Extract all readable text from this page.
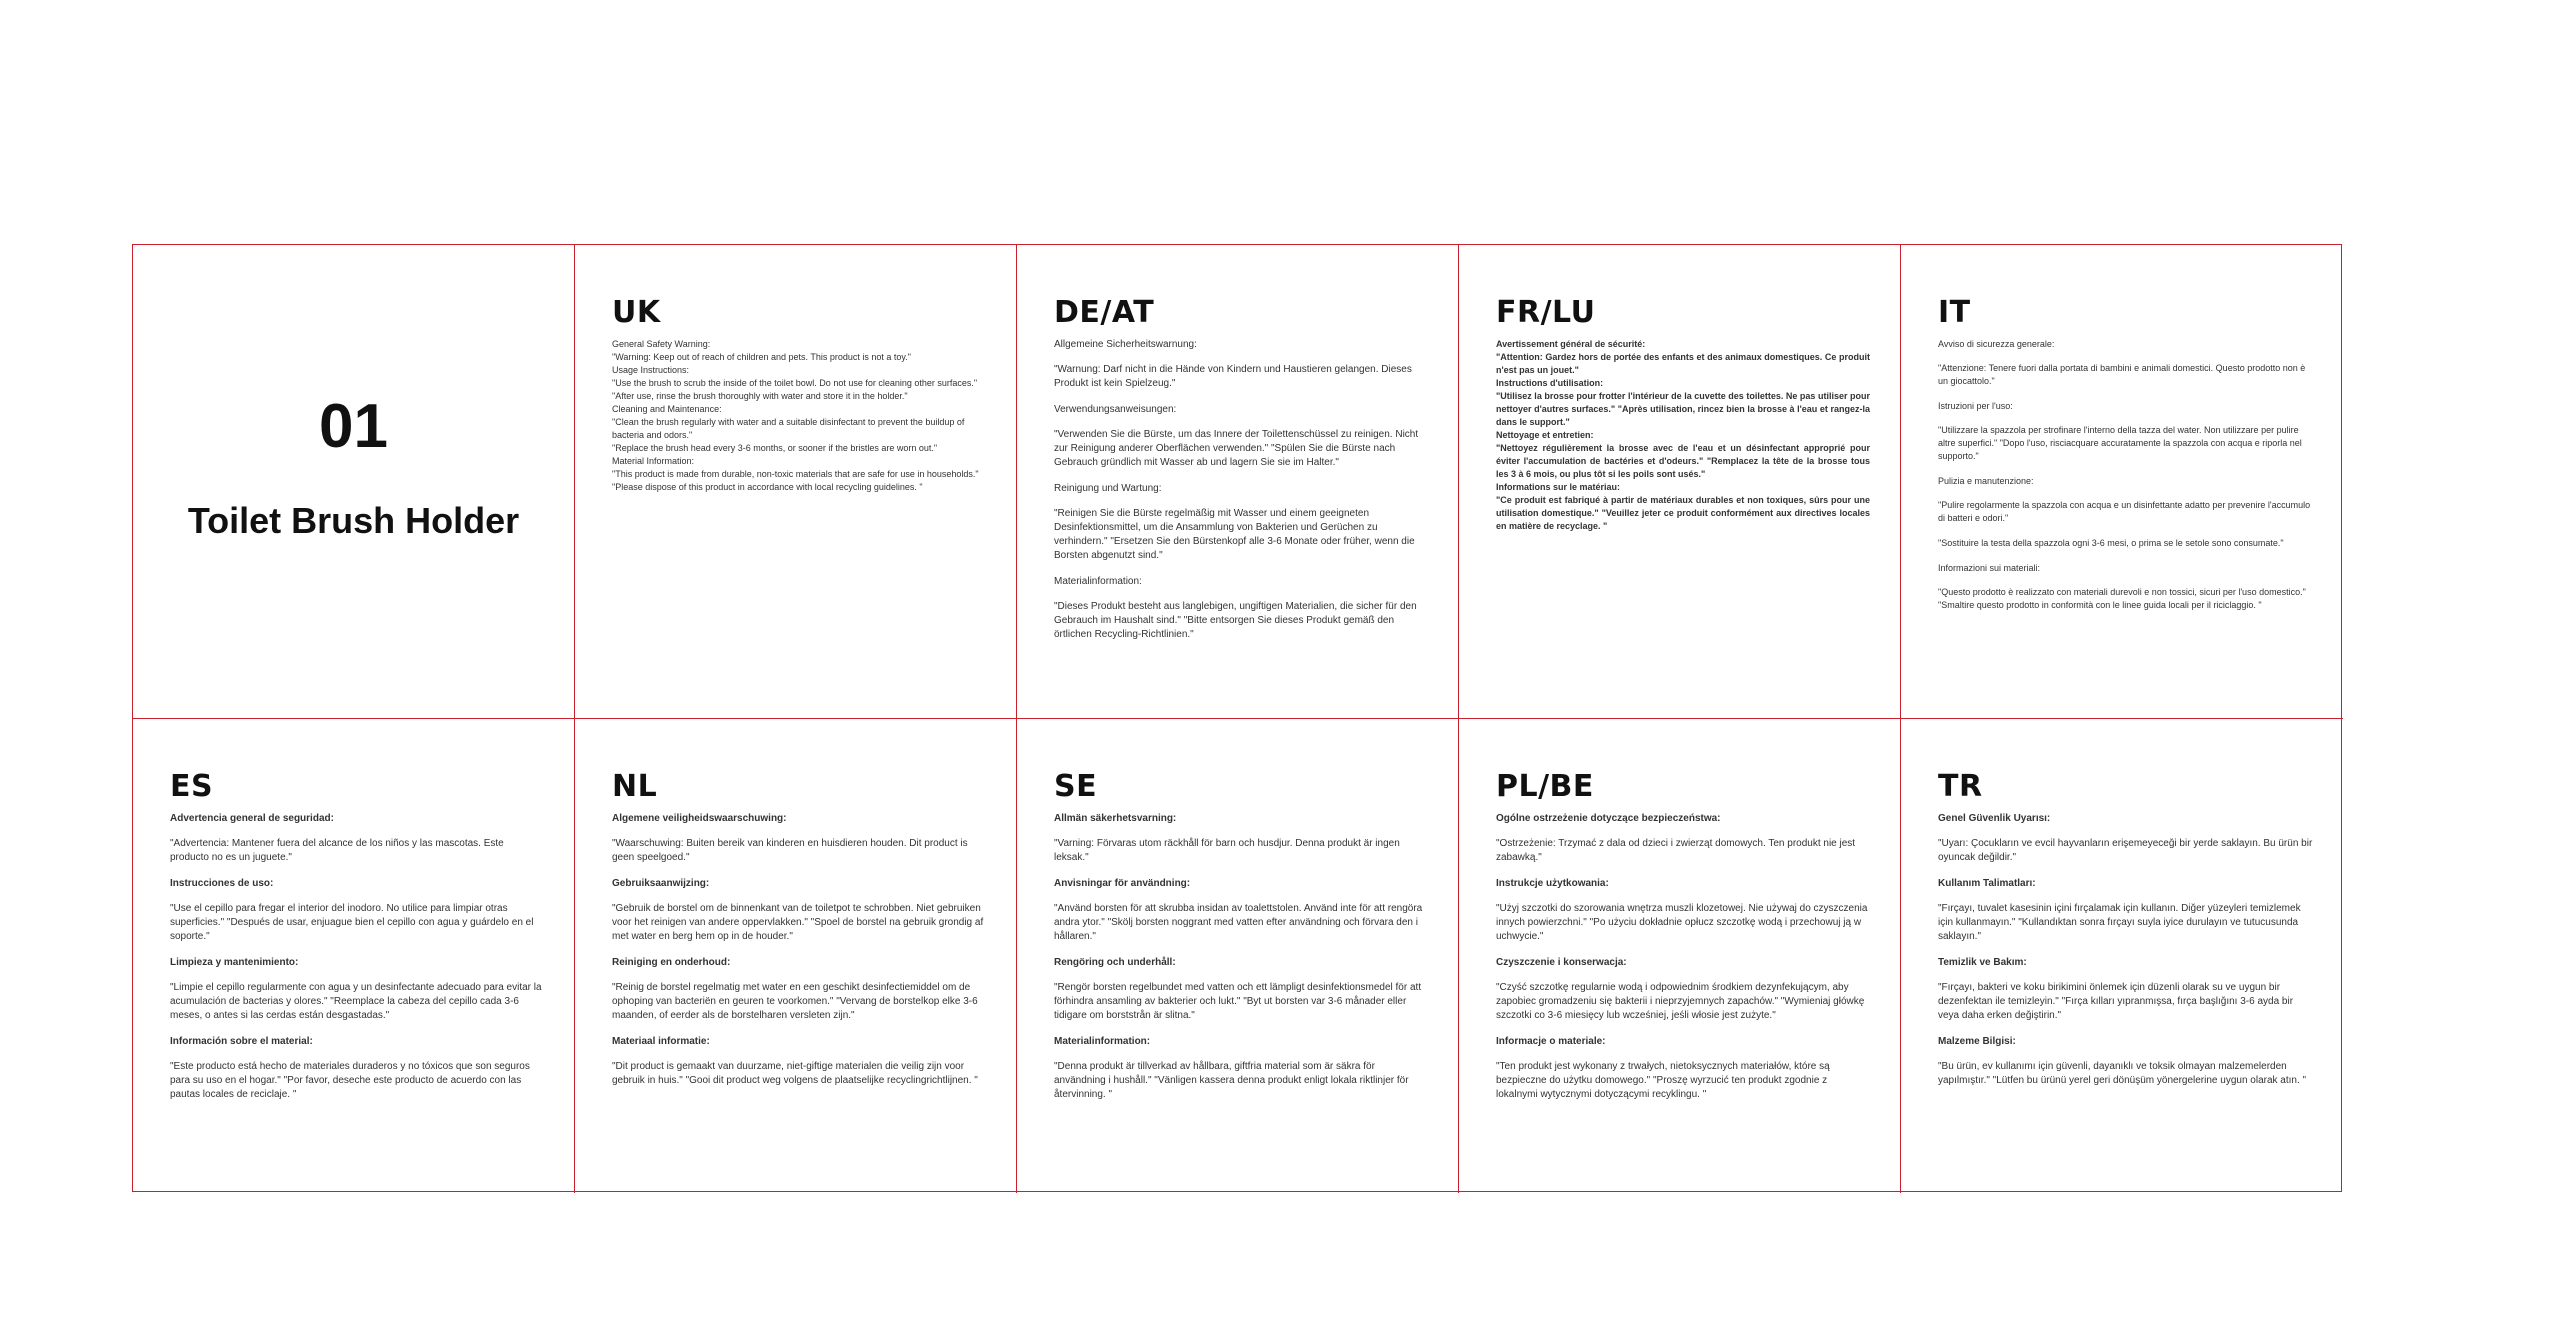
01
Toilet Brush Holder
UK

General Safety Warning:

"Warning: Keep out of reach of children and pets. This product is not a toy."

Usage Instructions:

"Use the brush to scrub the inside of the toilet bowl. Do not use for cleaning other surfaces."

"After use, rinse the brush thoroughly with water and store it in the holder."

Cleaning and Maintenance:

"Clean the brush regularly with water and a suitable disinfectant to prevent the buildup of bacteria and odors."

"Replace the brush head every 3-6 months, or sooner if the bristles are worn out."

Material Information:

"This product is made from durable, non-toxic materials that are safe for use in households."

"Please dispose of this product in accordance with local recycling guidelines. "

DE/AT

Allgemeine Sicherheitswarnung:

"Warnung: Darf nicht in die Hände von Kindern und Haustieren gelangen. Dieses Produkt ist kein Spielzeug."

Verwendungsanweisungen:

"Verwenden Sie die Bürste, um das Innere der Toilettenschüssel zu reinigen. Nicht zur Reinigung anderer Oberflächen verwenden." "Spülen Sie die Bürste nach Gebrauch gründlich mit Wasser ab und lagern Sie sie im Halter."

Reinigung und Wartung:

"Reinigen Sie die Bürste regelmäßig mit Wasser und einem geeigneten Desinfektionsmittel, um die Ansammlung von Bakterien und Gerüchen zu verhindern." "Ersetzen Sie den Bürstenkopf alle 3-6 Monate oder früher, wenn die Borsten abgenutzt sind."

Materialinformation:

"Dieses Produkt besteht aus langlebigen, ungiftigen Materialien, die sicher für den Gebrauch im Haushalt sind." "Bitte entsorgen Sie dieses Produkt gemäß den örtlichen Recycling-Richtlinien."

FR/LU

Avertissement général de sécurité:

"Attention: Gardez hors de portée des enfants et des animaux domestiques. Ce produit n'est pas un jouet."

Instructions d'utilisation:

"Utilisez la brosse pour frotter l'intérieur de la cuvette des toilettes. Ne pas utiliser pour nettoyer d'autres surfaces." "Après utilisation, rincez bien la brosse à l'eau et rangez-la dans le support."

Nettoyage et entretien:

"Nettoyez régulièrement la brosse avec de l'eau et un désinfectant approprié pour éviter l'accumulation de bactéries et d'odeurs." "Remplacez la tête de la brosse tous les 3 à 6 mois, ou plus tôt si les poils sont usés."

Informations sur le matériau:

"Ce produit est fabriqué à partir de matériaux durables et non toxiques, sûrs pour une utilisation domestique." "Veuillez jeter ce produit conformément aux directives locales en matière de recyclage. "

IT

Avviso di sicurezza generale:

"Attenzione: Tenere fuori dalla portata di bambini e animali domestici. Questo prodotto non è un giocattolo."

Istruzioni per l'uso:

"Utilizzare la spazzola per strofinare l'interno della tazza del water. Non utilizzare per pulire altre superfici." "Dopo l'uso, risciacquare accuratamente la spazzola con acqua e riporla nel supporto."

Pulizia e manutenzione:

"Pulire regolarmente la spazzola con acqua e un disinfettante adatto per prevenire l'accumulo di batteri e odori."

"Sostituire la testa della spazzola ogni 3-6 mesi, o prima se le setole sono consumate."

Informazioni sui materiali:

"Questo prodotto è realizzato con materiali durevoli e non tossici, sicuri per l'uso domestico." "Smaltire questo prodotto in conformità con le linee guida locali per il riciclaggio. "

ES

Advertencia general de seguridad:

"Advertencia: Mantener fuera del alcance de los niños y las mascotas. Este producto no es un juguete."

Instrucciones de uso:

"Use el cepillo para fregar el interior del inodoro. No utilice para limpiar otras superficies." "Después de usar, enjuague bien el cepillo con agua y guárdelo en el soporte."

Limpieza y mantenimiento:

"Limpie el cepillo regularmente con agua y un desinfectante adecuado para evitar la acumulación de bacterias y olores." "Reemplace la cabeza del cepillo cada 3-6 meses, o antes si las cerdas están desgastadas."

Información sobre el material:

"Este producto está hecho de materiales duraderos y no tóxicos que son seguros para su uso en el hogar." "Por favor, deseche este producto de acuerdo con las pautas locales de reciclaje. "

NL

Algemene veiligheidswaarschuwing:

"Waarschuwing: Buiten bereik van kinderen en huisdieren houden. Dit product is geen speelgoed."

Gebruiksaanwijzing:

"Gebruik de borstel om de binnenkant van de toiletpot te schrobben. Niet gebruiken voor het reinigen van andere oppervlakken." "Spoel de borstel na gebruik grondig af met water en berg hem op in de houder."

Reiniging en onderhoud:

"Reinig de borstel regelmatig met water en een geschikt desinfectiemiddel om de ophoping van bacteriën en geuren te voorkomen." "Vervang de borstelkop elke 3-6 maanden, of eerder als de borstelharen versleten zijn."

Materiaal informatie:

"Dit product is gemaakt van duurzame, niet-giftige materialen die veilig zijn voor gebruik in huis." "Gooi dit product weg volgens de plaatselijke recyclingrichtlijnen. "

SE

Allmän säkerhetsvarning:

"Varning: Förvaras utom räckhåll för barn och husdjur. Denna produkt är ingen leksak."

Anvisningar för användning:

"Använd borsten för att skrubba insidan av toalettstolen. Använd inte för att rengöra andra ytor." "Skölj borsten noggrant med vatten efter användning och förvara den i hållaren."

Rengöring och underhåll:

"Rengör borsten regelbundet med vatten och ett lämpligt desinfektionsmedel för att förhindra ansamling av bakterier och lukt." "Byt ut borsten var 3-6 månader eller tidigare om borststrån är slitna."

Materialinformation:

"Denna produkt är tillverkad av hållbara, giftfria material som är säkra för användning i hushåll." "Vänligen kassera denna produkt enligt lokala riktlinjer för återvinning. "

PL/BE

Ogólne ostrzeżenie dotyczące bezpieczeństwa:

"Ostrzeżenie: Trzymać z dala od dzieci i zwierząt domowych. Ten produkt nie jest zabawką."

Instrukcje użytkowania:

"Użyj szczotki do szorowania wnętrza muszli klozetowej. Nie używaj do czyszczenia innych powierzchni." "Po użyciu dokładnie opłucz szczotkę wodą i przechowuj ją w uchwycie."

Czyszczenie i konserwacja:

"Czyść szczotkę regularnie wodą i odpowiednim środkiem dezynfekującym, aby zapobiec gromadzeniu się bakterii i nieprzyjemnych zapachów." "Wymieniaj główkę szczotki co 3-6 miesięcy lub wcześniej, jeśli włosie jest zużyte."

Informacje o materiale:

"Ten produkt jest wykonany z trwałych, nietoksycznych materiałów, które są bezpieczne do użytku domowego." "Proszę wyrzucić ten produkt zgodnie z lokalnymi wytycznymi dotyczącymi recyklingu. "

TR

Genel Güvenlik Uyarısı:

"Uyarı: Çocukların ve evcil hayvanların erişemeyeceği bir yerde saklayın. Bu ürün bir oyuncak değildir."

Kullanım Talimatları:

"Fırçayı, tuvalet kasesinin içini fırçalamak için kullanın. Diğer yüzeyleri temizlemek için kullanmayın." "Kullandıktan sonra fırçayı suyla iyice durulayın ve tutucusunda saklayın."

Temizlik ve Bakım:

"Fırçayı, bakteri ve koku birikimini önlemek için düzenli olarak su ve uygun bir dezenfektan ile temizleyin." "Fırça kılları yıpranmışsa, fırça başlığını 3-6 ayda bir veya daha erken değiştirin."

Malzeme Bilgisi:

"Bu ürün, ev kullanımı için güvenli, dayanıklı ve toksik olmayan malzemelerden yapılmıştır." "Lütfen bu ürünü yerel geri dönüşüm yönergelerine uygun olarak atın. "
